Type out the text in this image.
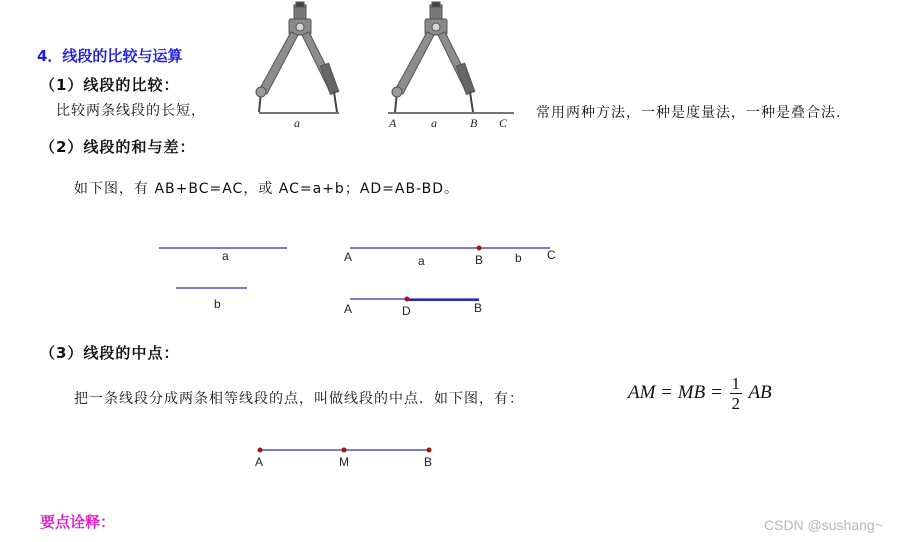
4．线段的比较与运算
（1）线段的比较：
比较两条线段的长短，	常用两种方法，一种是度量法，一种是叠合法.
a	A	a	B C
（2）线段的和与差：
如下图，有 AB+BC=AC，或 AC=a+b；AD=AB-BD。
a
b
A	a	B	b C
A	D	B
（3）线段的中点：
把一条线段分成两条相等线段的点，叫做线段的中点．如下图，有：	AM = MB = $\frac{1}{2}$ AB
A	M	B
要点诠释：	CSDN @sushang~
